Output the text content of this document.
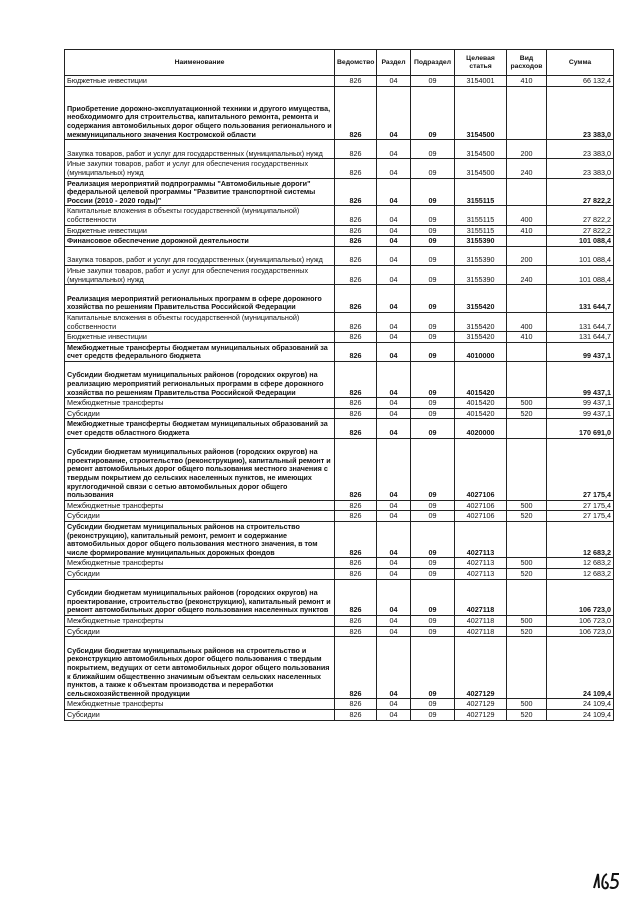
Наименование	Ведомство	Раздел	Подраздел	Целевая статья	Вид расходов	Сумма
Бюджетные инвестиции	826	04	09	3154001	410	66 132,4
Приобретение дорожно-эксплуатационной техники и другого имущества, необходимомго для строительства, капитального ремонта, ремонта и содержания автомобильных дорог общего пользования регионального и межмуниципального значения Костромской области	826	04	09	3154500		23 383,0
Закупка товаров, работ и услуг для государственных (муниципальных) нужд	826	04	09	3154500	200	23 383,0
Иные закупки товаров, работ и услуг для обеспечения государственных (муниципальных) нужд	826	04	09	3154500	240	23 383,0
Реализация мероприятий подпрограммы "Автомобильные дороги" федеральной целевой программы "Развитие транспортной системы России (2010 - 2020 годы)"	826	04	09	3155115		27 822,2
Капитальные вложения в объекты государственной (муниципальной) собственности	826	04	09	3155115	400	27 822,2
Бюджетные инвестиции	826	04	09	3155115	410	27 822,2
Финансовое обеспечение дорожной деятельности	826	04	09	3155390		101 088,4
Закупка товаров, работ и услуг для государственных (муниципальных) нужд	826	04	09	3155390	200	101 088,4
Иные закупки товаров, работ и услуг для обеспечения государственных (муниципальных) нужд	826	04	09	3155390	240	101 088,4
Реализация мероприятий региональных программ в сфере дорожного хозяйства по решениям Правительства Российской Федерации	826	04	09	3155420		131 644,7
Капитальные вложения в объекты государственной (муниципальной) собственности	826	04	09	3155420	400	131 644,7
Бюджетные инвестиции	826	04	09	3155420	410	131 644,7
Межбюджетные трансферты бюджетам муниципальных образований за счет средств федерального бюджета	826	04	09	4010000		99 437,1
Субсидии бюджетам муниципальных районов (городских округов) на реализацию мероприятий региональных программ в сфере дорожного хозяйства по решениям Правительства Российской Федерации	826	04	09	4015420		99 437,1
Межбюджетные трансферты	826	04	09	4015420	500	99 437,1
Субсидии	826	04	09	4015420	520	99 437,1
Межбюджетные трансферты бюджетам муниципальных образований за счет средств областного бюджета	826	04	09	4020000		170 691,0
Субсидии бюджетам муниципальных районов (городских округов) на проектирование, строительство (реконструкцию), капитальный ремонт и ремонт автомобильных дорог общего пользования местного значения с твердым покрытием до сельских населенных пунктов, не имеющих круглогодичной связи с сетью автомобильных дорог общего пользования	826	04	09	4027106		27 175,4
Межбюджетные трансферты	826	04	09	4027106	500	27 175,4
Субсидии	826	04	09	4027106	520	27 175,4
Субсидии бюджетам муниципальных районов на строительство (реконструкцию), капитальный ремонт, ремонт и содержание автомобильных дорог общего пользования местного значения, в том числе формирование муниципальных дорожных фондов	826	04	09	4027113		12 683,2
Межбюджетные трансферты	826	04	09	4027113	500	12 683,2
Субсидии	826	04	09	4027113	520	12 683,2
Субсидии бюджетам муниципальных районов (городских округов) на проектирование, строительство (реконструкцию), капитальный ремонт и ремонт автомобильных дорог общего пользования населенных пунктов	826	04	09	4027118		106 723,0
Межбюджетные трансферты	826	04	09	4027118	500	106 723,0
Субсидии	826	04	09	4027118	520	106 723,0
Субсидии бюджетам муниципальных районов на строительство и реконструкцию автомобильных дорог общего пользования с твердым покрытием, ведущих от сети автомобильных дорог общего пользования к ближайшим общественно значимым объектам сельских населенных пунктов, а также к объектам производства и переработки сельскохозяйственной продукции	826	04	09	4027129		24 109,4
Межбюджетные трансферты	826	04	09	4027129	500	24 109,4
Субсидии	826	04	09	4027129	520	24 109,4
